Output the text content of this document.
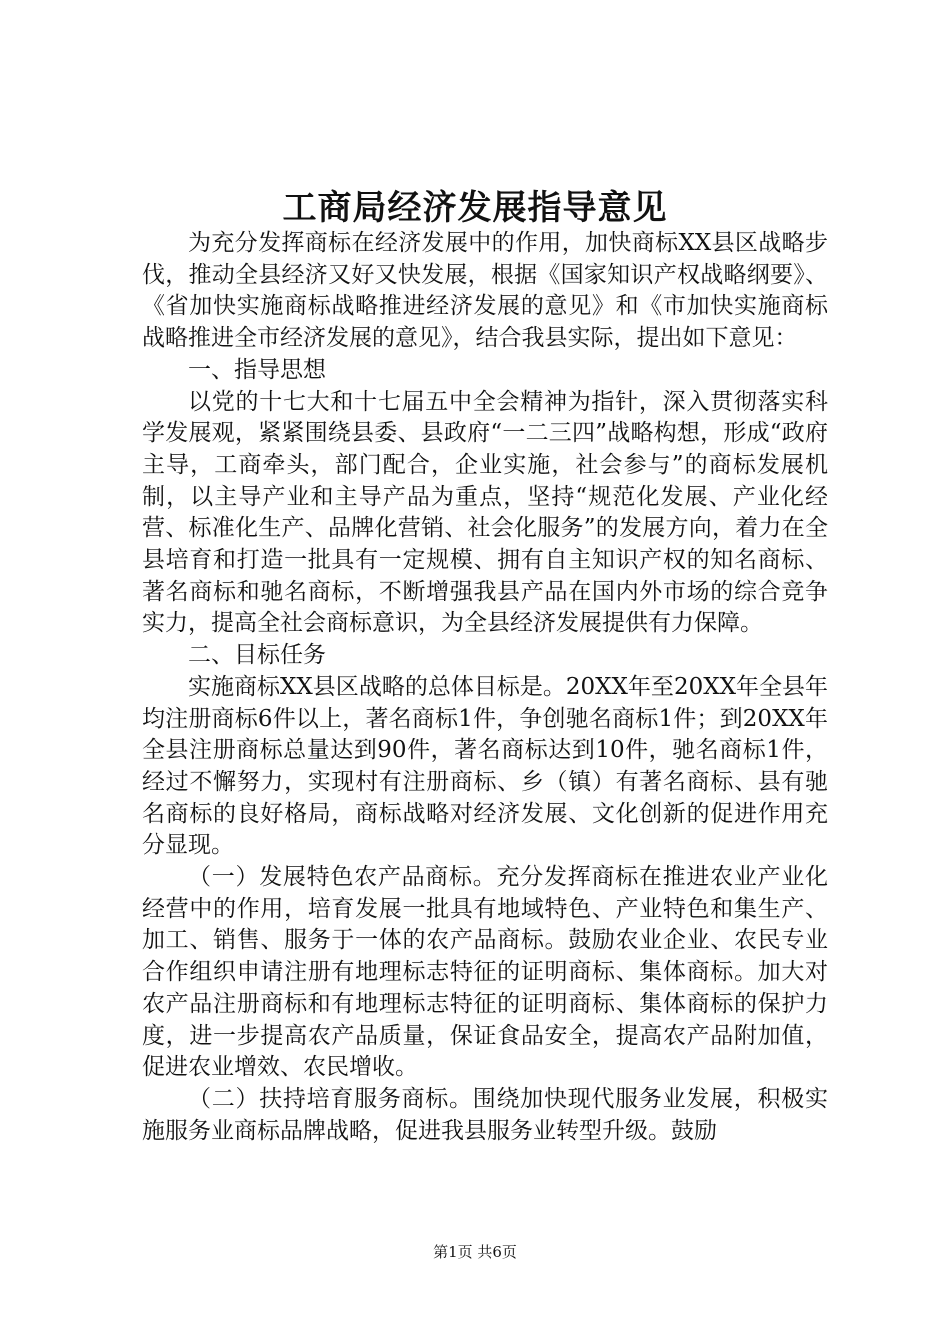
工商局经济发展指导意见

为充分发挥商标在经济发展中的作用，加快商标XX县区战略步伐，推动全县经济又好又快发展，根据《国家知识产权战略纲要》、《省加快实施商标战略推进经济发展的意见》和《市加快实施商标战略推进全市经济发展的意见》，结合我县实际，提出如下意见：

一、指导思想

以党的十七大和十七届五中全会精神为指针，深入贯彻落实科学发展观，紧紧围绕县委、县政府“一二三四”战略构想，形成“政府主导，工商牵头，部门配合，企业实施，社会参与”的商标发展机制，以主导产业和主导产品为重点，坚持“规范化发展、产业化经营、标准化生产、品牌化营销、社会化服务”的发展方向，着力在全县培育和打造一批具有一定规模、拥有自主知识产权的知名商标、著名商标和驰名商标，不断增强我县产品在国内外市场的综合竞争实力，提高全社会商标意识，为全县经济发展提供有力保障。

二、目标任务

实施商标XX县区战略的总体目标是。20XX年至20XX年全县年均注册商标6件以上，著名商标1件，争创驰名商标1件；到20XX年全县注册商标总量达到90件，著名商标达到10件，驰名商标1件，经过不懈努力，实现村有注册商标、乡（镇）有著名商标、县有驰名商标的良好格局，商标战略对经济发展、文化创新的促进作用充分显现。

（一）发展特色农产品商标。充分发挥商标在推进农业产业化经营中的作用，培育发展一批具有地域特色、产业特色和集生产、加工、销售、服务于一体的农产品商标。鼓励农业企业、农民专业合作组织申请注册有地理标志特征的证明商标、集体商标。加大对农产品注册商标和有地理标志特征的证明商标、集体商标的保护力度，进一步提高农产品质量，保证食品安全，提高农产品附加值，促进农业增效、农民增收。

（二）扶持培育服务商标。围绕加快现代服务业发展，积极实施服务业商标品牌战略，促进我县服务业转型升级。鼓励

第1页 共6页
